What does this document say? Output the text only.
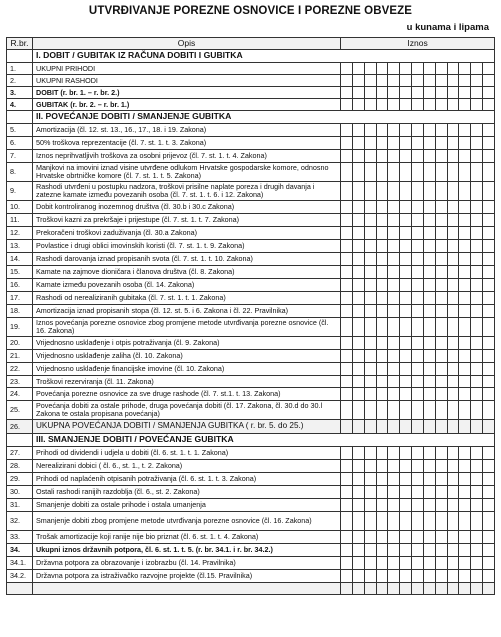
UTVRĐIVANJE POREZNE OSNOVICE I POREZNE OBVEZE
u kunama i lipama
R.br.	Opis	Iznos												
	I. DOBIT / GUBITAK IZ RAČUNA DOBITI I GUBITKA													
1.	UKUPNI PRIHODI													
2.	UKUPNI RASHODI													
3.	DOBIT (r. br. 1. – r. br. 2.)													
4.	GUBITAK (r. br. 2. – r. br. 1.)													
	II. POVEĆANJE DOBITI / SMANJENJE GUBITKA													
5.	Amortizacija (čl. 12. st. 13., 16., 17., 18. i 19. Zakona)													
6.	50% troškova reprezentacije (čl. 7. st. 1. t. 3. Zakona)													
7.	Iznos neprihvatljivih troškova za osobni prijevoz (čl. 7. st. 1. t. 4. Zakona)													
8.	Manjkovi na imovini iznad visine utvrđene odlukom Hrvatske gospodarske komore, odnosno Hrvatske obrtničke komore (čl. 7. st. 1. t. 5. Zakona)													
9.	Rashodi utvrđeni u postupku nadzora, troškovi prisilne naplate poreza i drugih davanja i zatezne kamate između povezanih osoba (čl. 7. st. 1. t. 6. i 12. Zakona)													
10.	Dobit kontroliranog inozemnog društva (čl. 30.b i 30.c Zakona)													
11.	Troškovi kazni za prekršaje i prijestupe (čl. 7. st. 1. t. 7. Zakona)													
12.	Prekoračeni troškovi zaduživanja (čl. 30.a Zakona)													
13.	Povlastice i drugi oblici imovinskih koristi (čl. 7. st. 1. t. 9. Zakona)													
14.	Rashodi darovanja iznad propisanih svota (čl. 7. st. 1. t. 10. Zakona)													
15.	Kamate na zajmove dioničara i članova društva (čl. 8. Zakona)													
16.	Kamate između povezanih osoba (čl. 14. Zakona)													
17.	Rashodi od nerealiziranih gubitaka (čl. 7. st. 1. t. 1. Zakona)													
18.	Amortizacija iznad propisanih stopa (čl. 12. st. 5. i 6. Zakona i čl. 22. Pravilnika)													
19.	Iznos povećanja porezne osnovice zbog promjene metode utvrđivanja porezne osnovice (čl. 16. Zakona)													
20.	Vrijednosno usklađenje i otpis potraživanja (čl. 9. Zakona)													
21.	Vrijednosno usklađenje zaliha (čl. 10. Zakona)													
22.	Vrijednosno usklađenje financijske imovine (čl. 10. Zakona)													
23.	Troškovi rezerviranja (čl. 11. Zakona)													
24.	Povećanja porezne osnovice za sve druge rashode (čl. 7. st.1. t. 13. Zakona)													
25.	Povećanja dobiti za ostale prihode, druga povećanja dobiti (čl. 17. Zakona, čl. 30.d do 30.l Zakona te ostala propisana povećanja)													
26.	UKUPNA POVEĆANJA DOBITI / SMANJENJA GUBITKA ( r. br. 5. do 25.)													
	III. SMANJENJE DOBITI / POVEĆANJE GUBITKA													
27.	Prihodi od dividendi i udjela u dobiti (čl. 6. st. 1. t. 1. Zakona)													
28.	Nerealizirani dobici ( čl. 6., st. 1., t. 2. Zakona)													
29.	Prihodi od naplaćenih otpisanih potraživanja (čl. 6. st. 1. t. 3. Zakona)													
30.	Ostali rashodi ranijih razdoblja (čl. 6., st. 2. Zakona)													
31.	Smanjenje dobiti za ostale prihode i ostala umanjenja													
32.	Smanjenje dobiti zbog promjene metode utvrđivanja porezne osnovice (čl. 16. Zakona)													
33.	Trošak amortizacije koji ranije nije bio priznat (čl. 6. st. 1. t. 4. Zakona)													
34.	Ukupni iznos državnih potpora, čl. 6. st. 1. t. 5. (r. br. 34.1. i r. br. 34.2.)													
34.1.	Državna potpora za obrazovanje i izobrazbu (čl. 14. Pravilnika)													
34.2.	Državna potpora za istraživačko razvojne projekte (čl.15. Pravilnika)													
